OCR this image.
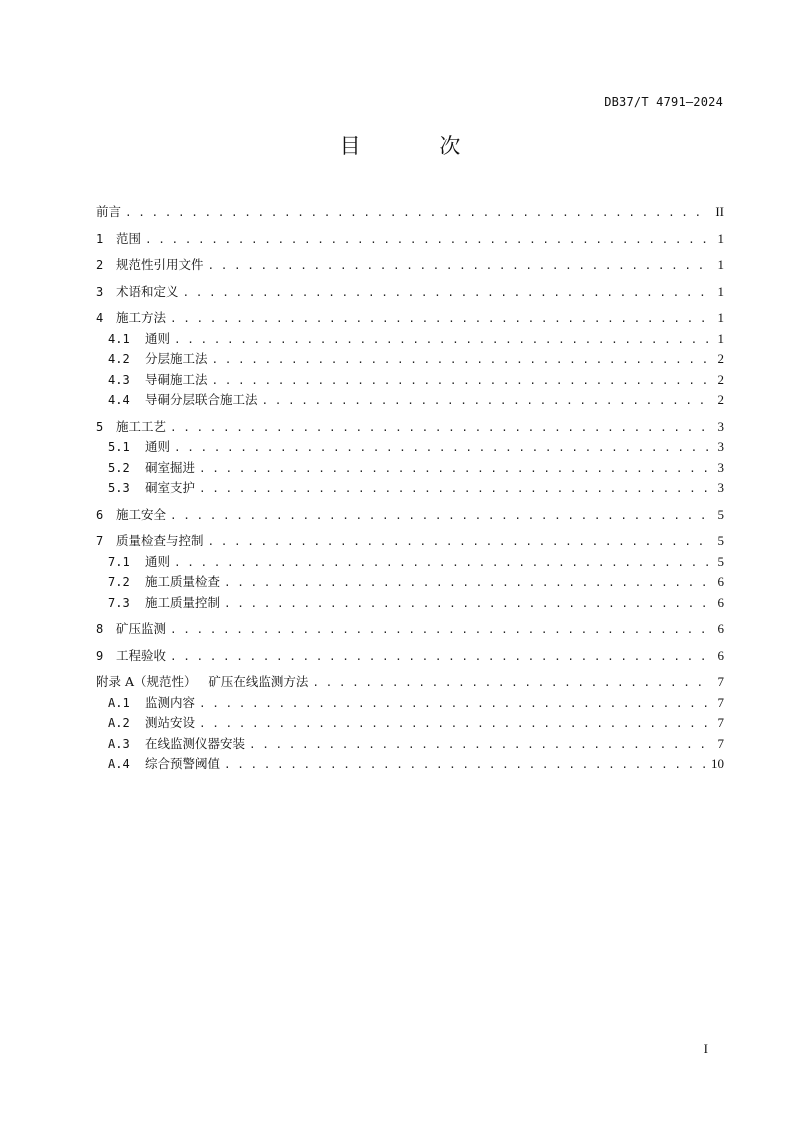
DB37/T 4791—2024
目 次
前言 . . .	II
1	范围 . . .	1
2	规范性引用文件 . . .	1
3	术语和定义 . . .	1
4	施工方法 . . .	1
4.1	通则 . . .	1
4.2	分层施工法 . . .	2
4.3	导硐施工法 . . .	2
4.4	导硐分层联合施工法 . . .	2
5	施工工艺 . . .	3
5.1	通则 . . .	3
5.2	硐室掘进 . . .	3
5.3	硐室支护 . . .	3
6	施工安全 . . .	5
7	质量检查与控制 . . .	5
7.1	通则 . . .	5
7.2	施工质量检查 . . .	6
7.3	施工质量控制 . . .	6
8	矿压监测 . . .	6
9	工程验收 . . .	6
附录 A（规范性）   矿压在线监测方法 . . .	7
A.1	监测内容 . . .	7
A.2	测站安设 . . .	7
A.3	在线监测仪器安装 . . .	7
A.4	综合预警阈值 . . .	10
I
